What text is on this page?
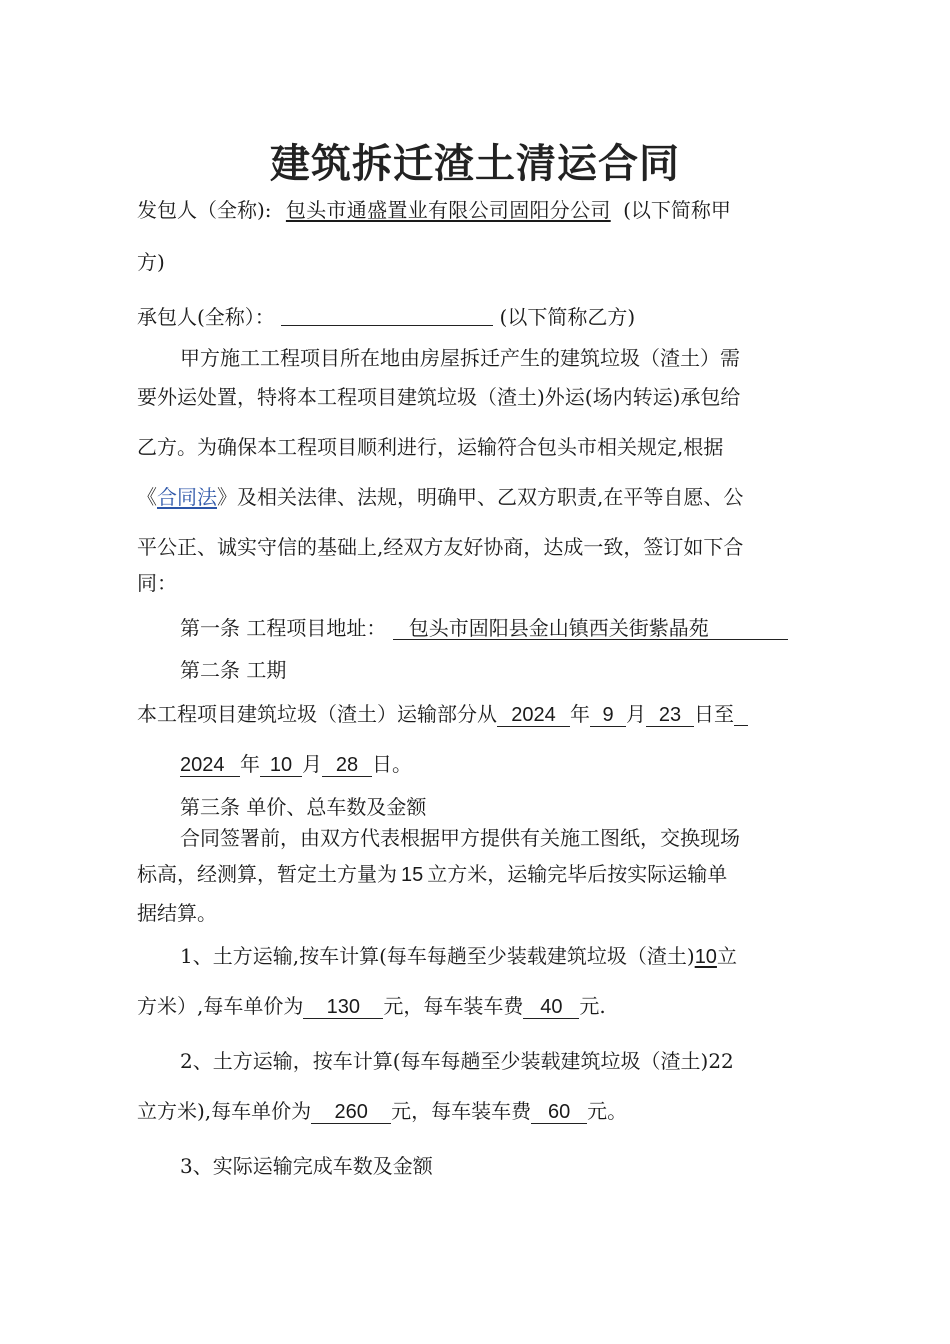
建筑拆迁渣土清运合同
发包人（全称): 包头市通盛置业有限公司固阳分公司 (以下简称甲
方)
承包人(全称）：	(以下简称乙方)
甲方施工工程项目所在地由房屋拆迁产生的建筑垃圾（渣土）需
要外运处置，特将本工程项目建筑垃圾（渣土)外运(场内转运)承包给
乙方。为确保本工程项目顺利进行，运输符合包头市相关规定,根据
《合同法》及相关法律、法规，明确甲、乙双方职责,在平等自愿、公
平公正、诚实守信的基础上,经双方友好协商，达成一致，签订如下合
同：
第一条 工程项目地址： 包头市固阳县金山镇西关街紫晶苑
第二条 工期
本工程项目建筑垃圾（渣土）运输部分从 2024 年 9 月 23 日至
2024 年 10 月 28 日。
第三条 单价、总车数及金额
合同签署前，由双方代表根据甲方提供有关施工图纸，交换现场
标高，经测算，暂定土方量为 15 立方米，运输完毕后按实际运输单
据结算。
1、土方运输,按车计算(每车每趟至少装载建筑垃圾（渣土)10立
方米）,每车单价为 130 元，每车装车费 40 元.
2、土方运输，按车计算(每车每趟至少装载建筑垃圾（渣土)22
立方米),每车单价为 260 元，每车装车费 60 元。
3、实际运输完成车数及金额
